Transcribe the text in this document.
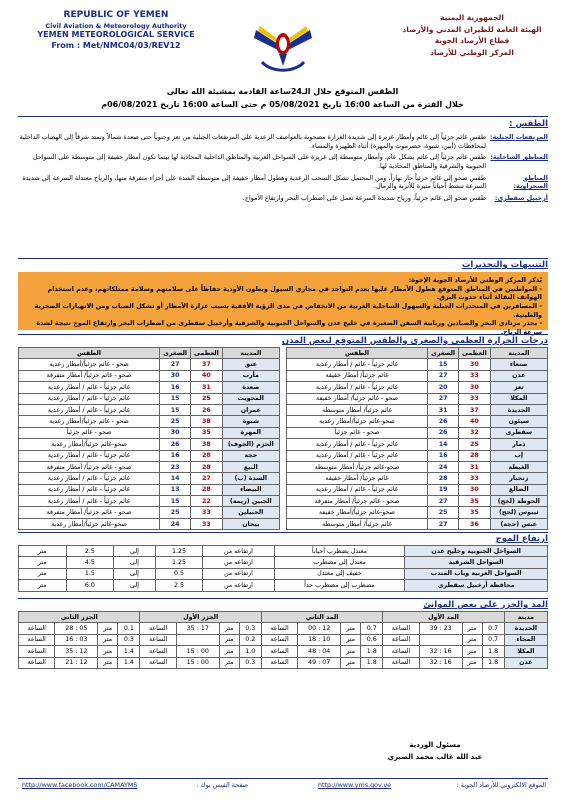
REPUBLIC OF YEMEN
Civil Aviation & Meteorology Authority
YEMEN METEOROLOGICAL SERVICE
From : Met/NMC04/03/REV12
الجمهورية اليمنية
الهيئة العامة للطيران المدني والأرصاد
قطاع الأرصاد الجوية
المركز الوطني للأرصاد
الطقس المتوقع خلال الـ24ساعة القادمة بمشيئة الله تعالى
خلال الفترة من الساعة 16:00 تاريخ 05/08/2021 م حتى الساعة 16:00 تاريخ 06/08/2021م
الطقس :
المرتفعات الجبلية:
طقس غائم جزئياً إلى غائم وأمطار غزيرة إلى شديدة الغزارة مصحوبة بالعواصف الرعدية على المرتفعات الجبلية من تعز وجنوباً حتى صعدة شمالاً وتمتد شرقاً إلى الهضاب الداخلية لمحافظات (أبين، شبوة، حضرموت والمهرة) أثناء الظهيرة والمساء.
المناطق الساحلية:
طقس غائم جزئياً إلى غائم بشكل عام، وأمطار متوسطة إلى غزيرة على السواحل الغربية والمناطق الداخلية المحاذية لها بينما تكون أمطار خفيفة إلى متوسطة على السواحل الجنوبية والشرقية والمناطق المحاذية لها.
المناطق الصحراوية:
طقس صحو إلى غائم جزئياً حار نهاراً، ومن المحتمل تشكل السحب الرعدية وهطول أمطار خفيفة إلى متوسطة الشدة على أجزاء متفرقة منها، والرياح معتدلة السرعة إلى شديدة السرعة تنشط أحياناً مثيرة للأتربة والرمال.
أرخبيل سقطرى:
طقس صحو إلى غائم جزئياً، ورياح شديدة السرعة تعمل على اضطراب البحر وارتفاع الأمواج.
التنبيهات والتحذيرات
يُذكر المركز الوطني للأرصاد الجوية الإخوة:
- المواطنين في المناطق المتوقع هطول الأمطار عليها بعدم التواجد في مجاري السيول وبطون الأودية حفاظاً على سلامتهم وسلامة ممتلكاتهم، وعدم استخدام الهواتف النقالة أثناء حدوث البرق.
- المسافرين في المنحدرات الجبلية والسهول الساحلية الغربية من الانخفاض في مدى الرؤية الأفقية بسبب غزارة الأمطار أو تشكل الضباب ومن الانهيارات الصخرية والطينية.
- يحذر مرتادي البحر والصيادين وربابنة السفن الصغيرة في خليج عدن والسواحل الجنوبية والشرقية وأرخبيل سقطرى من اضطراب البحر وارتفاع الموج نتيجة لشدة سرعة الرياح.
درجات الحرارة العظمى والصغرى والطقس المتوقع لبعض المدن
المدينة	العظمى	الصغرى	الطقس
صنعاء	30	15	غائم جزئياً - غائم / أمطار رعدية
عدن	33	27	غائم جزئياً/ أمطار خفيفة
تعز	30	20	غائم جزئياً - غائم / أمطار رعدية
المكلا	33	27	صحو - غائم جزئياً/ أمطار خفيفة
الحديدة	37	31	غائم جزئياً/ أمطار متوسطة
سيئون	40	26	صحو-غائم جزئياً/أمطار رعدية
سقطرى	32	26	صحو - غائم جزئياً
ذمار	25	14	غائم جزئياً - غائم / أمطار رعدية
إب	28	16	غائم جزئياً - غائم / أمطار رعدية
الغيظة	31	24	صحو-غائم جزئياً/ أمطار متوسطة
زنجبار	33	28	غائم جزئياً/ أمطار خفيفة
الضالع	30	19	غائم جزئياً - غائم / أمطار رعدية
الحوطة (لحج)	35	27	صحو - غائم جزئياً/ أمطار متفرقة
ثيبوس (لحج)	35	25	صحو-غائم جزئياً/أمطار خفيفة
عبس (حجة)	36	27	غائم جزئياً/ أمطار متوسطة
المدينة	العظمى	الصغرى	الطقس
عتق	37	27	صحو - غائم جزئياً/أمطار رعدية
مأرب	40	30	صحو - غائم جزئياً/ أمطار متفرقة
صعدة	31	16	غائم جزئياً - غائم / أمطار رعدية
المحويت	25	15	غائم جزئياً - غائم / أمطار رعدية
عمران	26	15	غائم جزئياً - غائم / أمطار رعدية
شبوة	38	25	صحو - غائم جزئياً/أمطار رعدية
المهرة	35	30	صحو - غائم جزئياً
الحزم (الجوف)	38	26	صحو-غائم جزئياً/أمطار رعدية
حجة	28	16	غائم جزئياً - غائم / أمطار رعدية
البيع	28	23	صحو - غائم جزئياً/ أمطار متفرقة
السدة (ب)	27	14	غائم جزئياً - غائم / أمطار رعدية
البيضاء	28	13	غائم جزئياً - غائم / أمطار رعدية
الجبين (ريمة)	22	15	غائم جزئياً - غائم / أمطار رعدية
الحبيلين	33	25	صحو - غائم جزئياً/ أمطار متفرقة
بيحان	33	24	صحو-غائم جزئياً/أمطار رعدية
ارتفاع الموج
السواحل الجنوبية وخليج عدن	معتدل يضطرب أحياناً	ارتفاعه من	1.25	إلى	2.5	متر
السواحل الشرقية	معتدل إلى مضطرب	ارتفاعه من	1.25	إلى	4.5	متر
السواحل الغربية وباب المندب	خفيف إلى معتدل	ارتفاعه من	0.5	إلى	1.5	متر
محافظة أرخبيل سقطرى	مضطرب إلى مضطرب جداً	ارتفاعه من	2.5	إلى	6.0	متر
المد والجزر على بعض الموانئ
مدينة	المد الأول				المد الثاني				الجزر الأول				الجزر الثاني			
الحديدة	0.7	متر	23 : 39	الساعة	0.7	متر	12 : 00	الساعة	0.3	متر	17 : 35	الساعة	0.1	متر	05 : 28	الساعة
المخاء	0.7	متر		الساعة	0.6	متر	10 : 18	الساعة	0.2	متر		الساعة	0.3	متر	03 : 16	الساعة
المكلا	1.8	متر	16 : 32	الساعة	1.8	متر	04 : 48	الساعة	1.0	متر	00 : 15	الساعة	1.4	متر	12 : 35	الساعة
عدن	1.8	متر	16 : 32	الساعة	1.8	متر	07 : 49	الساعة	0.3	متر	00 : 15	الساعة	1.4	متر	12 : 21	الساعة
مسئول الوردية
عبد الله غالب محمد الصبري
http://www.facebook.com/CAMAYMS	صفحة الفيس بوك :	http://www.yms.gov.ye	الموقع الالكتروني للأرصاد الجوية :
